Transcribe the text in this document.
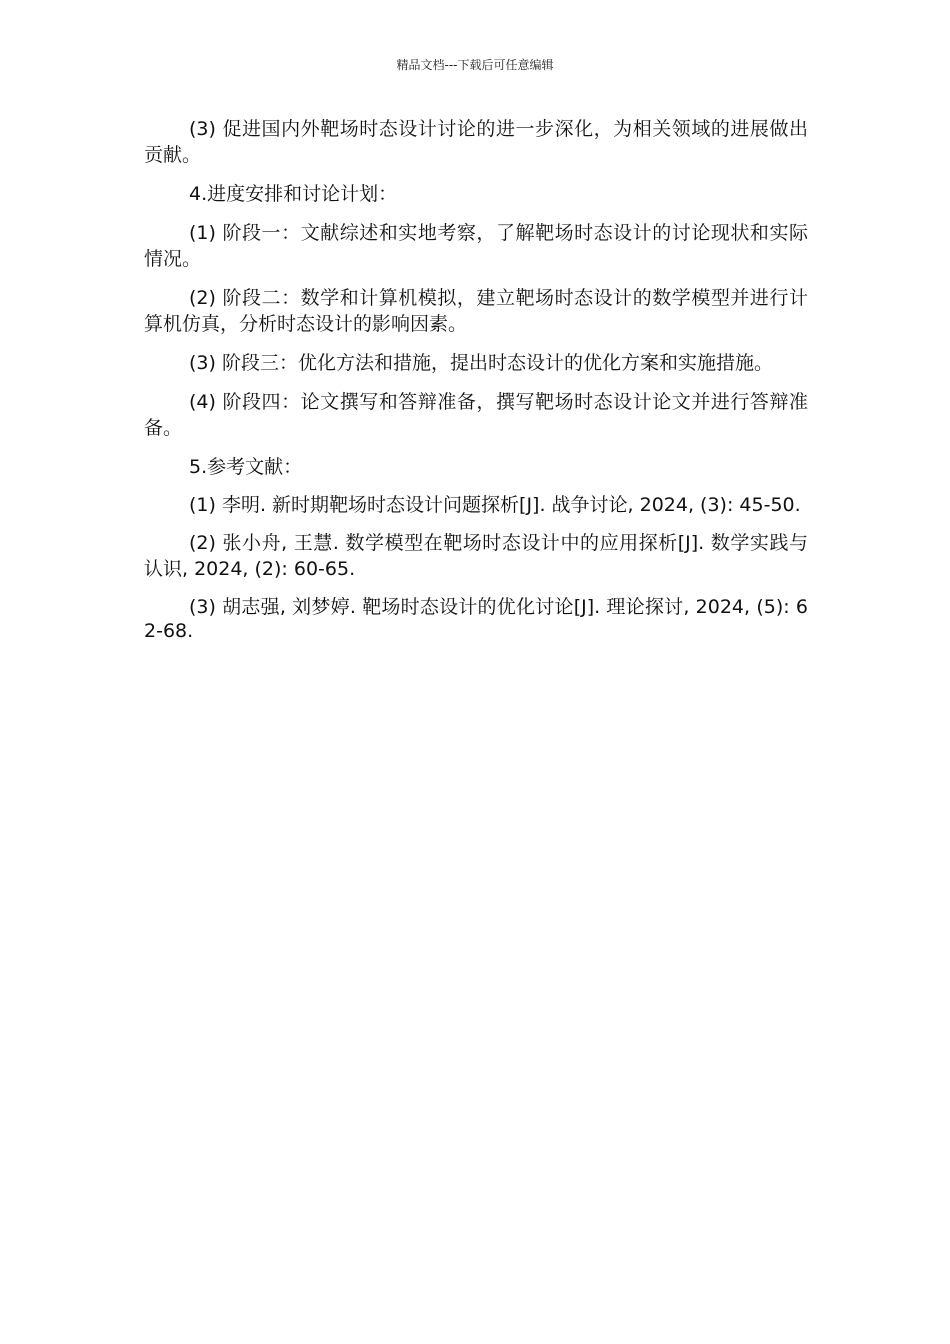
精品文档---下载后可任意编辑

(3) 促进国内外靶场时态设计讨论的进一步深化，为相关领域的进展做出贡献。

4.进度安排和讨论计划：

(1) 阶段一：文献综述和实地考察，了解靶场时态设计的讨论现状和实际情况。

(2) 阶段二：数学和计算机模拟，建立靶场时态设计的数学模型并进行计算机仿真，分析时态设计的影响因素。

(3) 阶段三：优化方法和措施，提出时态设计的优化方案和实施措施。

(4) 阶段四：论文撰写和答辩准备，撰写靶场时态设计论文并进行答辩准备。

5.参考文献：

(1) 李明. 新时期靶场时态设计问题探析[J]. 战争讨论, 2024, (3): 45-50.

(2) 张小舟, 王慧. 数学模型在靶场时态设计中的应用探析[J]. 数学实践与认识, 2024, (2): 60-65.

(3) 胡志强, 刘梦婷. 靶场时态设计的优化讨论[J]. 理论探讨, 2024, (5): 62-68.
